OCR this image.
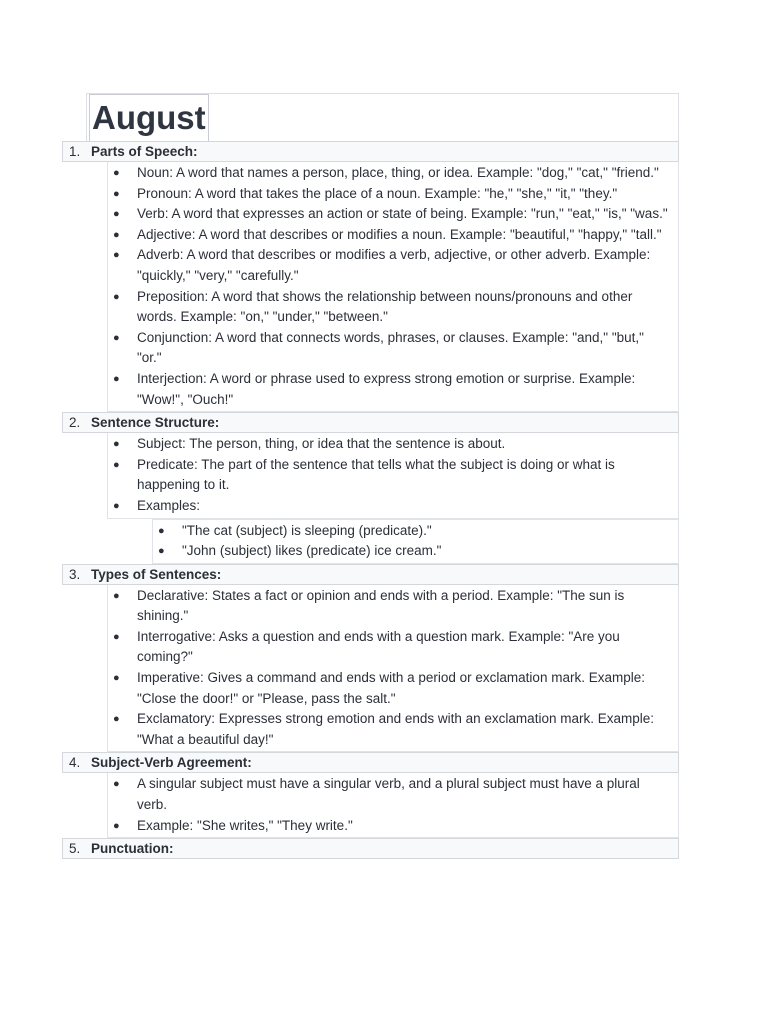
August
1. Parts of Speech:
● Noun: A word that names a person, place, thing, or idea. Example: "dog," "cat," "friend."
● Pronoun: A word that takes the place of a noun. Example: "he," "she," "it," "they."
● Verb: A word that expresses an action or state of being. Example: "run," "eat," "is," "was."
● Adjective: A word that describes or modifies a noun. Example: "beautiful," "happy," "tall."
● Adverb: A word that describes or modifies a verb, adjective, or other adverb. Example: "quickly," "very," "carefully."
● Preposition: A word that shows the relationship between nouns/pronouns and other words. Example: "on," "under," "between."
● Conjunction: A word that connects words, phrases, or clauses. Example: "and," "but," "or."
● Interjection: A word or phrase used to express strong emotion or surprise. Example: "Wow!", "Ouch!"
2. Sentence Structure:
● Subject: The person, thing, or idea that the sentence is about.
● Predicate: The part of the sentence that tells what the subject is doing or what is happening to it.
● Examples:
● "The cat (subject) is sleeping (predicate)."
● "John (subject) likes (predicate) ice cream."
3. Types of Sentences:
● Declarative: States a fact or opinion and ends with a period. Example: "The sun is shining."
● Interrogative: Asks a question and ends with a question mark. Example: "Are you coming?"
● Imperative: Gives a command and ends with a period or exclamation mark. Example: "Close the door!" or "Please, pass the salt."
● Exclamatory: Expresses strong emotion and ends with an exclamation mark. Example: "What a beautiful day!"
4. Subject-Verb Agreement:
● A singular subject must have a singular verb, and a plural subject must have a plural verb.
● Example: "She writes," "They write."
5. Punctuation:
